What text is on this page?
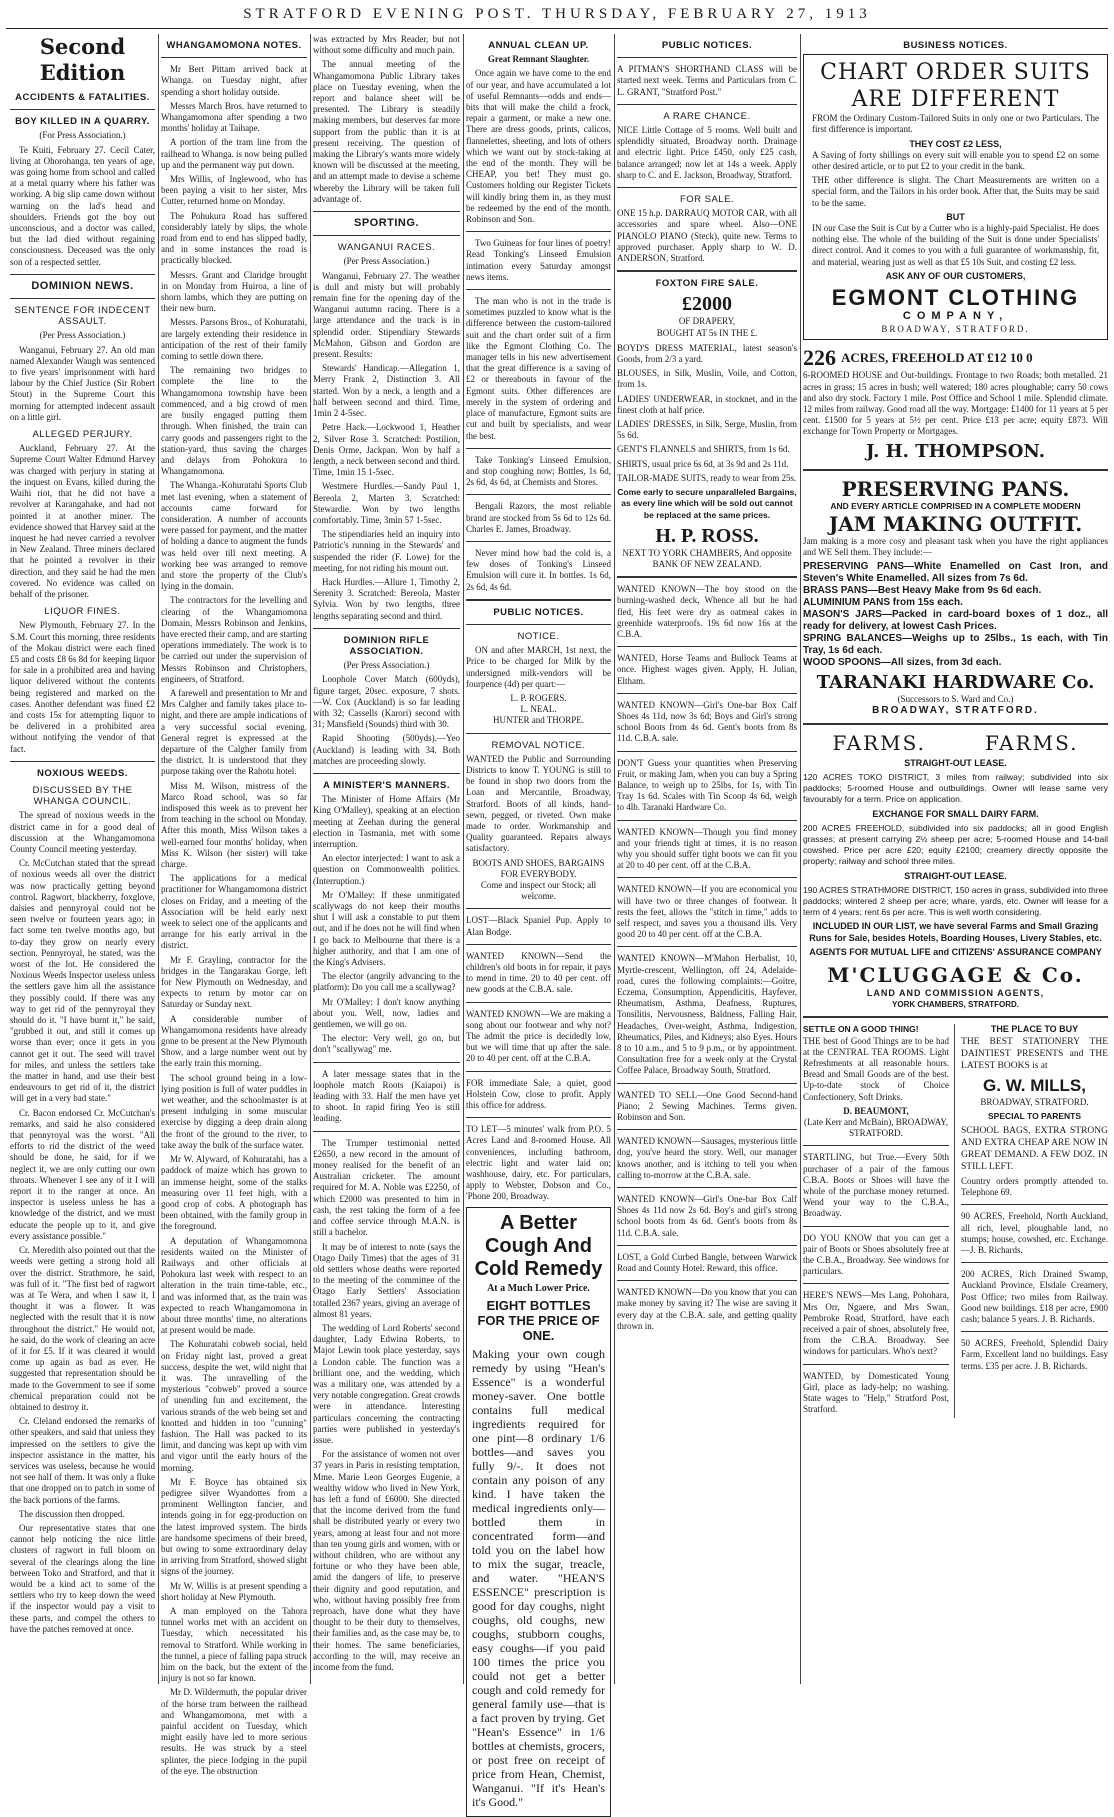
STRATFORD EVENING POST. THURSDAY, FEBRUARY 27, 1913
Second Edition
ACCIDENTS & FATALITIES.
BOY KILLED IN A QUARRY.
(For Press Association.)

Te Kuiti, February 27. Cecil Cater, living at Ohorohanga, ten years of age, was going home from school and called at a metal quarry where his father was working. A big slip came down without warning on the lad's head and shoulders. Friends got the boy out unconscious, and a doctor was called, but the lad died without regaining consciousness. Deceased was the only son of a respected settler.

DOMINION NEWS.
SENTENCE FOR INDECENT ASSAULT.
(Per Press Association.)

Wanganui, February 27. An old man named Alexander Waugh was sentenced to five years' imprisonment with hard labour by the Chief Justice (Sir Robert Stout) in the Supreme Court this morning for attempted indecent assault on a little girl.

ALLEGED PERJURY.

Auckland, February 27. At the Supreme Court Walter Edmund Harvey was charged with perjury in stating at the inquest on Evans, killed during the Waihi riot, that he did not have a revolver at Karangahake, and had not pointed it at another miner. The evidence showed that Harvey said at the inquest he had never carried a revolver in New Zealand. Three miners declared that he pointed a revolver in their direction, and they said he had the men covered. No evidence was called on behalf of the prisoner.

LIQUOR FINES.

New Plymouth, February 27. In the S.M. Court this morning, three residents of the Mokau district were each fined £5 and costs £8 6s 8d for keeping liquor for sale in a prohibited area and having liquor delivered without the contents being registered and marked on the cases. Another defendant was fined £2 and costs 15s for attempting liquor to be delivered in a prohibited area without notifying the vendor of that fact.

NOXIOUS WEEDS.
DISCUSSED BY THE WHANGA COUNCIL.

The spread of noxious weeds in the district came in for a good deal of discussion at the Whangamomona County Council meeting yesterday.

Cr. McCutchan stated that the spread of noxious weeds all over the district was now practically getting beyond control. Ragwort, blackberry, foxglove, daisies and pennyroyal could not be seen twelve or fourteen years ago; in fact some ten twelve months ago, but to-day they grow on nearly every section. Pennyroyal, he stated, was the worst of the lot. He considered the Noxious Weeds Inspector useless unless the settlers gave him all the assistance they possibly could. If there was any way to get rid of the pennyroyal they should do it. "I have burnt it," he said, "grubbed it out, and still it comes up worse than ever; once it gets in you cannot get it out. The seed will travel for miles, and unless the settlers take the matter in hand, and use their best endeavours to get rid of it, the district will get in a very bad state."

Cr. Bacon endorsed Cr. McCutchan's remarks, and said he also considered that pennyroyal was the worst. "All efforts to rid the district of the weed should be done, he said, for if we neglect it, we are only cutting our own throats. Whenever I see any of it I will report it to the ranger at once. An inspector is useless unless he has a knowledge of the district, and we must educate the people up to it, and give every assistance possible."

Cr. Meredith also pointed out that the weeds were getting a strong hold all over the district. Strathmore, he said, was full of it. "The first bed of ragwort was at Te Wera, and when I saw it, I thought it was a flower. It was neglected with the result that it is now throughout the district." He would not, he said, do the work of clearing an acre of it for £5. If it was cleared it would come up again as bad as ever. He suggested that representation should be made to the Government to see if some chemical preparation could not be obtained to destroy it.

Cr. Cleland endorsed the remarks of other speakers, and said that unless they impressed on the settlers to give the inspector assistance in the matter, his services was useless, because he would not see half of them. It was only a fluke that one dropped on to patch in some of the back portions of the farms.

The discussion then dropped.

Our representative states that one cannot help noticing the nice little clusters of ragwort in full bloom on several of the clearings along the line between Toko and Stratford, and that it would be a kind act to some of the settlers who try to keep down the weed if the inspector would pay a visit to these parts, and compel the others to have the patches removed at once.

WHANGAMOMONA NOTES.

Mr Bert Pittam arrived back at Whanga. on Tuesday night, after spending a short holiday outside.

Messrs March Bros. have returned to Whangamomona after spending a two months' holiday at Taihape.

A portion of the tram line from the railhead to Whanga. is now being pulled up and the permanent way put down.

Mrs Willis, of Inglewood, who has been paying a visit to her sister, Mrs Cutter, returned home on Monday.

The Pohukura Road has suffered considerably lately by slips, the whole road from end to end has slipped badly, and in some instances the road is practically blocked.

Messrs. Grant and Claridge brought in on Monday from Huiroa, a line of shorn lambs, which they are putting on their new burn.

Messrs. Parsons Bros., of Kohuratahi, are largely extending their residence in anticipation of the rest of their family coming to settle down there.

The remaining two bridges to complete the line to the Whangamomona township have been commenced, and a big crowd of men are busily engaged putting them through. When finished, the train can carry goods and passengers right to the station-yard, thus saving the charges and delays from Pohokura to Whangamomona.

The Whanga.-Kohuratahi Sports Club met last evening, when a statement of accounts came forward for consideration. A number of accounts were passed for payment, and the matter of holding a dance to augment the funds was held over till next meeting. A working bee was arranged to remove and store the property of the Club's lying in the domain.

The contractors for the levelling and clearing of the Whangamomona Domain, Messrs Robinson and Jenkins, have erected their camp, and are starting operations immediately. The work is to be carried out under the supervision of Messrs Robinson and Christophers, engineers, of Stratford.

A farewell and presentation to Mr and Mrs Calgher and family takes place to-night, and there are ample indications of a very successful social evening. General regret is expressed at the departure of the Calgher family from the district. It is understood that they purpose taking over the Rahotu hotel.

Miss M. Wilson, mistress of the Marco Road school, was so far indisposed this week as to prevent her from teaching in the school on Monday. After this month, Miss Wilson takes a well-earned four months' holiday, when Miss K. Wilson (her sister) will take charge.

The applications for a medical practitioner for Whangamomona district closes on Friday, and a meeting of the Association will be held early next week to select one of the applicants and arrange for his early arrival in the district.

Mr F. Grayling, contractor for the bridges in the Tangarakau Gorge, left for New Plymouth on Wednesday, and expects to return by motor car on Saturday or Sunday next.

A considerable number of Whangamomona residents have already gone to be present at the New Plymouth Show, and a large number went out by the early train this morning.

The school ground being in a low-lying position is full of water puddles in wet weather, and the schoolmaster is at present indulging in some muscular exercise by digging a deep drain along the front of the ground to the river, to take away the bulk of the surface water.

Mr W. Alyward, of Kohuratahi, has a paddock of maize which has grown to an immense height, some of the stalks measuring over 11 feet high, with a good crop of cobs. A photograph has been obtained, with the family group in the foreground.

A deputation of Whangamomona residents waited on the Minister of Railways and other officials at Pohokura last week with respect to an alteration in the train time-table, etc., and was informed that, as the train was expected to reach Whangamomona in about three months' time, no alterations at present would be made.

The Kohuratahi cobweb social, held on Friday night last, proved a great success, despite the wet, wild night that it was. The unravelling of the mysterious "cobweb" proved a source of unending fun and excitement, the various strands of the web being set and knotted and hidden in too "cunning" fashion. The Hall was packed to its limit, and dancing was kept up with vim and vigor until the early hours of the morning.

Mr F. Boyce has obtained six pedigree silver Wyandottes from a prominent Wellington fancier, and intends going in for egg-production on the latest improved system. The birds are handsome specimens of their breed, but owing to some extraordinary delay in arriving from Stratford, showed slight signs of the journey.

Mr W. Willis is at present spending a short holiday at New Plymouth.

A man employed on the Tahora tunnel works met with an accident on Tuesday, which necessitated his removal to Stratford. While working in the tunnel, a piece of falling papa struck him on the back, but the extent of the injury is not so far known.

Mr D. Wildermuth, the popular driver of the horse tram between the railhead and Whangamomona, met with a painful accident on Tuesday, which might easily have led to more serious results. He was struck by a steel splinter, the piece lodging in the pupil of the eye. The obstruction

was extracted by Mrs Reader, but not without some difficulty and much pain.

The annual meeting of the Whangamomona Public Library takes place on Tuesday evening, when the report and balance sheet will be presented. The Library is steadily making members, but deserves far more support from the public than it is at present receiving. The question of making the Library's wants more widely known will be discussed at the meeting, and an attempt made to devise a scheme whereby the Library will be taken full advantage of.

SPORTING.
WANGANUI RACES.
(Per Press Association.)

Wanganui, February 27. The weather is dull and misty but will probably remain fine for the opening day of the Wanganui autumn racing. There is a large attendance and the track is in splendid order. Stipendiary Stewards McMahon, Gibson and Gordon are present. Results:

Stewards' Handicap.—Allegation 1, Merry Frank 2, Distinction 3. All started. Won by a neck, a length and a half between second and third. Time, 1min 2 4-5sec.

Petre Hack.—Lockwood 1, Heather 2, Silver Rose 3. Scratched: Postilion, Denis Orme, Jackpan. Won by half a length, a neck between second and third. Time, 1min 15 1-5sec.

Westmere Hurdles.—Sandy Paul 1, Bereola 2, Marten 3. Scratched: Stewardie. Won by two lengths comfortably. Time, 3min 57 1-5sec.

The stipendiaries held an inquiry into Patriotic's running in the Stewards' and suspended the rider (F. Lowe) for the meeting, for not riding his mount out.

Hack Hurdles.—Allure 1, Timothy 2, Serenity 3. Scratched: Bereola, Master Sylvia. Won by two lengths, three lengths separating second and third.

DOMINION RIFLE ASSOCIATION.
(Per Press Association.)

Loophole Cover Match (600yds), figure target, 20sec. exposure, 7 shots.—W. Cox (Auckland) is so far leading with 32; Cassells (Karori) second with 31; Mansfield (Sounds) third with 30.

Rapid Shooting (500yds).—Yeo (Auckland) is leading with 34. Both matches are proceeding slowly.

A MINISTER'S MANNERS.

The Minister of Home Affairs (Mr King O'Malley), speaking at an election meeting at Zeehan during the general election in Tasmania, met with some interruption.

An elector interjected: I want to ask a question on Commonwealth politics. (Interruption.)

Mr O'Malley: If these unmitigated scallywags do not keep their mouths shut I will ask a constable to put them out, and if he does not he will find when I go back to Melbourne that there is a higher authority, and that I am one of the King's Advisers.

The elector (angrily advancing to the platform): Do you call me a scallywag?

Mr O'Malley: I don't know anything about you. Well, now, ladies and gentlemen, we will go on.

The elector: Very well, go on, but don't "scallywag" me.

A later message states that in the loophole match Roots (Kaiapoi) is leading with 33. Half the men have yet to shoot. In rapid firing Yeo is still leading.

The Trumper testimonial netted £2650, a new record in the amount of money realised for the benefit of an Australian cricketer. The amount required for M. A. Noble was £2250, of which £2000 was presented to him in cash, the rest taking the form of a fee and coffee service through M.A.N. is still a bachelor.

It may be of interest to note (says the Otago Daily Times) that the ages of 31 old settlers whose deaths were reported to the meeting of the committee of the Otago Early Settlers' Association totalled 2367 years, giving an average of almost 81 years.

The wedding of Lord Roberts' second daughter, Lady Edwina Roberts, to Major Lewin took place yesterday, says a London cable. The function was a brilliant one, and the wedding, which was a military one, was attended by a very notable congregation. Great crowds were in attendance. Interesting particulars concerning the contracting parties were published in yesterday's issue.

For the assistance of women not over 37 years in Paris in resisting temptation, Mme. Marie Leon Georges Eugenie, a wealthy widow who lived in New York, has left a fund of £6000. She directed that the income derived from the fund shall be distributed yearly or every two years, among at least four and not more than ten young girls and women, with or without children, who are without any fortune or who they have been able, amid the dangers of life, to preserve their dignity and good reputation, and who, without having possibly free from reproach, have done what they have thought to be their duty to themselves, their families and, as the case may be, to their homes. The same beneficiaries, according to the will, may receive an income from the fund.

ANNUAL CLEAN UP.
Great Remnant Slaughter.

Once again we have come to the end of our year, and have accumulated a lot of useful Remnants—odds and ends—bits that will make the child a frock, repair a garment, or make a new one. There are dress goods, prints, calicos, flannelettes, sheeting, and lots of others which we want out by stock-taking at the end of the month. They will be CHEAP, you bet! They must go. Customers holding our Register Tickets will kindly bring them in, as they must be redeemed by the end of the month. Robinson and Son.

Two Guineas for four lines of poetry! Read Tonking's Linseed Emulsion intimation every Saturday amongst news items.

The man who is not in the trade is sometimes puzzled to know what is the difference between the custom-tailored suit and the chart order suit of a firm like the Egmont Clothing Co. The manager tells in his new advertisement that the great difference is a saving of £2 or thereabouts in favour of the Egmont suits. Other differences are merely in the system of ordering and place of manufacture, Egmont suits are cut and built by specialists, and wear the best.

Take Tonking's Linseed Emulsion, and stop coughing now; Bottles, 1s 6d, 2s 6d, 4s 6d, at Chemists and Stores.

Bengali Razors, the most reliable brand are stocked from 5s 6d to 12s 6d. Charles E. James, Broadway.

Never mind how bad the cold is, a few doses of Tonking's Linseed Emulsion will cure it. In bottles. 1s 6d, 2s 6d, 4s 6d.

PUBLIC NOTICES.
NOTICE.

ON and after MARCH, 1st next, the Price to be charged for Milk by the undersigned milk-vendors will be fourpence (4d) per quart:—

L. P. ROGERS.
L. NEAL.
HUNTER and THORPE.
REMOVAL NOTICE.

WANTED the Public and Surrounding Districts to know T. YOUNG is still to be found in shop two doors from the Loan and Mercantile, Broadway, Stratford. Boots of all kinds, hand-sewn, pegged, or riveted. Own make made to order. Workmanship and Quality guaranteed. Repairs always satisfactory.

BOOTS AND SHOES, BARGAINS FOR EVERYBODY.
Come and inspect our Stock; all welcome.

LOST—Black Spaniel Pup. Apply to Alan Bodge.

WANTED KNOWN—Send the children's old boots in for repair, it pays to mend in time. 20 to 40 per cent. off new goods at the C.B.A. sale.

WANTED KNOWN—We are making a song about our footwear and why not? The admit the price is decidedly low, but we will time that up after the sale. 20 to 40 per cent. off at the C.B.A.

FOR immediate Sale, a quiet, good Holstein Cow, close to profit. Apply this office for address.

TO LET—5 minutes' walk from P.O. 5 Acres Land and 8-roomed House. All conveniences, including bathroom, electric light and water laid on; washhouse, dairy, etc. For particulars, apply to Webster, Dobson and Co., 'Phone 200, Broadway.

A Better Cough And Cold Remedy
At a Much Lower Price.
EIGHT BOTTLES FOR THE PRICE OF ONE.

Making your own cough remedy by using "Hean's Essence" is a wonderful money-saver. One bottle contains full medical ingredients required for one pint—8 ordinary 1/6 bottles—and saves you fully 9/-. It does not contain any poison of any kind. I have taken the medical ingredients only—bottled them in concentrated form—and told you on the label how to mix the sugar, treacle, and water. "HEAN'S ESSENCE" prescription is good for day coughs, night coughs, old coughs, new coughs, stubborn coughs, easy coughs—if you paid 100 times the price you could not get a better cough and cold remedy for general family use—that is a fact proven by trying. Get "Hean's Essence" in 1/6 bottles at chemists, grocers, or post free on receipt of price from Hean, Chemist, Wanganui. "If it's Hean's it's Good."

PUBLIC NOTICES.

A PITMAN'S SHORTHAND CLASS will be started next week. Terms and Particulars from C. L. GRANT, "Stratford Post."

A RARE CHANCE.

NICE Little Cottage of 5 rooms. Well built and splendidly situated, Broadway north. Drainage and electric light. Price £450, only £25 cash, balance arranged; now let at 14s a week. Apply sharp to C. and E. Jackson, Broadway, Stratford.

FOR SALE.

ONE 15 h.p. DARRAUQ MOTOR CAR, with all accessories and spare wheel. Also—ONE PIANOLO PIANO (Steck), quite new. Terms to approved purchaser. Apply sharp to W. D. ANDERSON, Stratford.

FOXTON FIRE SALE.
£2000
OF DRAPERY,
BOUGHT AT 5s IN THE £.

BOYD'S DRESS MATERIAL, latest season's Goods, from 2/3 a yard.

BLOUSES, in Silk, Muslin, Voile, and Cotton, from 1s.

LADIES' UNDERWEAR, in stocknet, and in the finest cloth at half price.

LADIES' DRESSES, in Silk, Serge, Muslin, from 5s 6d.

GENT'S FLANNELS and SHIRTS, from 1s 6d.

SHIRTS, usual price 6s 6d, at 3s 9d and 2s 11d.

TAILOR-MADE SUITS, ready to wear from 25s.

Come early to secure unparalleled Bargains, as every line which will be sold out cannot be replaced at the same prices.

H. P. ROSS.
NEXT TO YORK CHAMBERS, And opposite BANK OF NEW ZEALAND.

WANTED KNOWN—The boy stood on the burning-washed deck, Whence all but he had fled, His feet were dry as oatmeal cakes in greenhide waterproofs. 19s 6d now 16s at the C.B.A.

WANTED, Horse Teams and Bullock Teams at once. Highest wages given. Apply, H. Julian, Eltham.

WANTED KNOWN—Girl's One-bar Box Calf Shoes 4s 11d, now 3s 6d; Boys and Girl's strong school Boots from 4s 6d. Gent's boots from 8s 11d. C.B.A. sale.

DON'T Guess your quantities when Preserving Fruit, or making Jam, when you can buy a Spring Balance, to weigh up to 25lbs, for 1s, with Tin Tray 1s 6d. Scales with Tin Scoop 4s 6d, weigh to 4lb. Taranaki Hardware Co.

WANTED KNOWN—Though you find money and your friends tight at times, it is no reason why you should suffer tight boots we can fit you at 20 to 40 per cent. off at the C.B.A.

WANTED KNOWN—If you are economical you will have two or three changes of footwear. It rests the feet, allows the "stitch in time," adds to self respect, and saves you a thousand ills. Very good 20 to 40 per cent. off at the C.B.A.

WANTED KNOWN—M'Mahon Herbalist, 10, Myrtle-crescent, Wellington, off 24, Adelaide-road, cures the following complaints:—Goitre, Eczema, Consumption, Appendicitis, Hayfever, Rheumatism, Asthma, Deafness, Ruptures, Tonsilitis, Nervousness, Baldness, Falling Hair, Headaches, Over-weight, Asthma, Indigestion, Rheumatics, Piles, and Kidneys; also Eyes. Hours 8 to 10 a.m., and 5 to 9 p.m., or by appointment. Consultation free for a week only at the Crystal Coffee Palace, Broadway South, Stratford.

WANTED TO SELL—One Good Second-hand Piano; 2 Sewing Machines. Terms given. Robinson and Son.

WANTED KNOWN—Sausages, mysterious little dog, you've heard the story. Well, our manager knows another, and is itching to tell you when calling to-morrow at the C.B.A. sale.

WANTED KNOWN—Girl's One-bar Box Calf Shoes 4s 11d now 2s 6d. Boy's and girl's strong school boots from 4s 6d. Gent's boots from 8s 11d. C.B.A. sale.

LOST, a Gold Curbed Bangle, between Warwick Road and County Hotel. Reward, this office.

WANTED KNOWN—Do you know that you can make money by saving it? The wise are saving it every day at the C.B.A. sale, and getting quality thrown in.

BUSINESS NOTICES.
CHART ORDER SUITS
ARE DIFFERENT

FROM the Ordinary Custom-Tailored Suits in only one or two Particulars. The first difference is important.

THEY COST £2 LESS,

A Saving of forty shillings on every suit will enable you to spend £2 on some other desired article, or to put £2 to your credit in the bank.

THE other difference is slight. The Chart Measurements are written on a special form, and the Tailors in his order book. After that, the Suits may be said to be the same.

BUT

IN our Case the Suit is Cut by a Cutter who is a highly-paid Specialist. He does nothing else. The whole of the building of the Suit is done under Specialists' direct control. And it comes to you with a full guarantee of workmanship, fit, and material, wearing just as well as that £5 10s Suit, and costing £2 less.

ASK ANY OF OUR CUSTOMERS,
EGMONT CLOTHING
COMPANY,
BROADWAY, STRATFORD.
226 ACRES, FREEHOLD AT £12 10 0

6-ROOMED HOUSE and Out-buildings. Frontage to two Roads; both metalled. 21 acres in grass; 15 acres in bush; well watered; 180 acres ploughable; carry 50 cows and also dry stock. Factory 1 mile. Post Office and School 1 mile. Splendid climate. 12 miles from railway. Good road all the way. Mortgage: £1400 for 11 years at 5 per cent. £1500 for 5 years at 5½ per cent. Price £13 per acre; equity £873. Will exchange for Town Property or Mortgages.

J. H. THOMPSON.
PRESERVING PANS.
AND EVERY ARTICLE COMPRISED IN A COMPLETE MODERN
JAM MAKING OUTFIT.

Jam making is a more cosy and pleasant task when you have the right appliances and WE Sell them. They include:—

PRESERVING PANS—White Enamelled on Cast Iron, and Steven's White Enamelled. All sizes from 7s 6d.

BRASS PANS—Best Heavy Make from 9s 6d each.

ALUMINIUM PANS from 15s each.

MASON'S JARS—Packed in card-board boxes of 1 doz., all ready for delivery, at lowest Cash Prices.

SPRING BALANCES—Weighs up to 25lbs., 1s each, with Tin Tray, 1s 6d each.

WOOD SPOONS—All sizes, from 3d each.

TARANAKI HARDWARE Co.
(Successors to S. Ward and Co.)
BROADWAY, STRATFORD.
FARMS.	FARMS.
STRAIGHT-OUT LEASE.

120 ACRES TOKO DISTRICT, 3 miles from railway; subdivided into six paddocks; 5-roomed House and outbuildings. Owner will lease same very favourably for a term. Price on application.

EXCHANGE FOR SMALL DAIRY FARM.

200 ACRES FREEHOLD, subdivided into six paddocks; all in good English grasses; at present carrying 2½ sheep per acre; 5-roomed House and 14-bail cowshed. Price per acre £20; equity £2100; creamery directly opposite the property; railway and school three miles.

STRAIGHT-OUT LEASE.

190 ACRES STRATHMORE DISTRICT, 150 acres in grass, subdivided into three paddocks; wintered 2 sheep per acre; whare, yards, etc. Owner will lease for a term of 4 years; rent 6s per acre. This is well worth considering.

INCLUDED IN OUR LIST, we have several Farms and Small Grazing Runs for Sale, besides Hotels, Boarding Houses, Livery Stables, etc.
AGENTS FOR MUTUAL LIFE and CITIZENS' ASSURANCE COMPANY
M'CLUGGAGE & Co.
LAND AND COMMISSION AGENTS,
YORK CHAMBERS, STRATFORD.
SETTLE ON A GOOD THING!

THE best of Good Things are to be had at the CENTRAL TEA ROOMS. Light Refreshments at all reasonable hours. Bread and Small Goods are of the best. Up-to-date stock of Choice Confectionery, Soft Drinks.

D. BEAUMONT,
(Late Kerr and McBain), BROADWAY, STRATFORD.

STARTLING, but True.—Every 50th purchaser of a pair of the famous C.B.A. Boots or Shoes will have the whole of the purchase money returned. Wend your way to the C.B.A., Broadway.

DO YOU KNOW that you can get a pair of Boots or Shoes absolutely free at the C.B.A., Broadway. See windows for particulars.

HERE'S NEWS—Mrs Lang, Pohohara, Mrs Orr, Ngaere, and Mrs Swan, Pembroke Road, Stratford, have each received a pair of shoes, absolutely free, from the C.B.A. Broadway. See windows for particulars. Who's next?

WANTED, by Domesticated Young Girl, place as lady-help; no washing. State wages to "Help," Stratford Post, Stratford.

THE PLACE TO BUY

THE BEST STATIONERY THE DAINTIEST PRESENTS and THE LATEST BOOKS is at

G. W. MILLS,
BROADWAY, STRATFORD.
SPECIAL TO PARENTS

SCHOOL BAGS, EXTRA STRONG AND EXTRA CHEAP ARE NOW IN GREAT DEMAND. A FEW DOZ. IN STILL LEFT.

Country orders promptly attended to. Telephone 69.

90 ACRES, Freehold, North Auckland, all rich, level, ploughable land, no stumps; house, cowshed, etc. Exchange.—J. B. Richards.

200 ACRES, Rich Drained Swamp, Auckland Province, Elsdale Creamery, Post Office; two miles from Railway. Good new buildings. £18 per acre, £900 cash; balance 5 years. J. B. Richards.

50 ACRES, Freehold, Splendid Dairy Farm, Excellent land no buildings. Easy terms. £35 per acre. J. B. Richards.
